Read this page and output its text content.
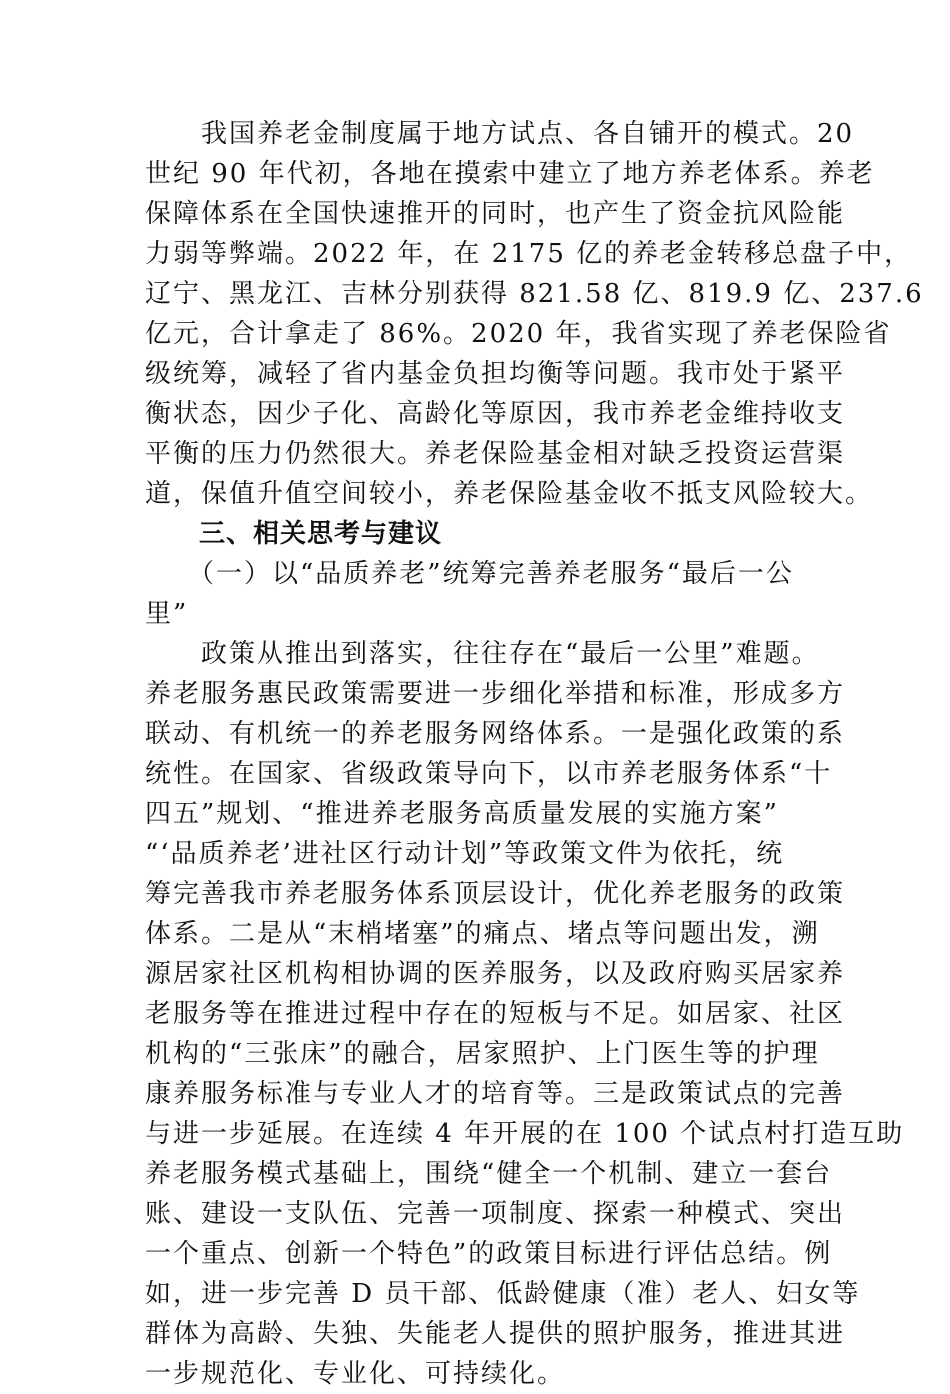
　　我国养老金制度属于地方试点、各自铺开的模式。20
世纪 90 年代初，各地在摸索中建立了地方养老体系。养老
保障体系在全国快速推开的同时，也产生了资金抗风险能
力弱等弊端。2022 年，在 2175 亿的养老金转移总盘子中，
辽宁、黑龙江、吉林分别获得 821.58 亿、819.9 亿、237.6
亿元，合计拿走了 86%。2020 年，我省实现了养老保险省
级统筹，减轻了省内基金负担均衡等问题。我市处于紧平
衡状态，因少子化、高龄化等原因，我市养老金维持收支
平衡的压力仍然很大。养老保险基金相对缺乏投资运营渠
道，保值升值空间较小，养老保险基金收不抵支风险较大。
　　三、相关思考与建议
　　（一）以“品质养老”统筹完善养老服务“最后一公
里”
　　政策从推出到落实，往往存在“最后一公里”难题。
养老服务惠民政策需要进一步细化举措和标准，形成多方
联动、有机统一的养老服务网络体系。一是强化政策的系
统性。在国家、省级政策导向下，以市养老服务体系“十
四五”规划、“推进养老服务高质量发展的实施方案”
“‘品质养老’进社区行动计划”等政策文件为依托，统
筹完善我市养老服务体系顶层设计，优化养老服务的政策
体系。二是从“末梢堵塞”的痛点、堵点等问题出发，溯
源居家社区机构相协调的医养服务，以及政府购买居家养
老服务等在推进过程中存在的短板与不足。如居家、社区
机构的“三张床”的融合，居家照护、上门医生等的护理
康养服务标准与专业人才的培育等。三是政策试点的完善
与进一步延展。在连续 4 年开展的在 100 个试点村打造互助
养老服务模式基础上，围绕“健全一个机制、建立一套台
账、建设一支队伍、完善一项制度、探索一种模式、突出
一个重点、创新一个特色”的政策目标进行评估总结。例
如，进一步完善 D 员干部、低龄健康（准）老人、妇女等
群体为高龄、失独、失能老人提供的照护服务，推进其进
一步规范化、专业化、可持续化。
